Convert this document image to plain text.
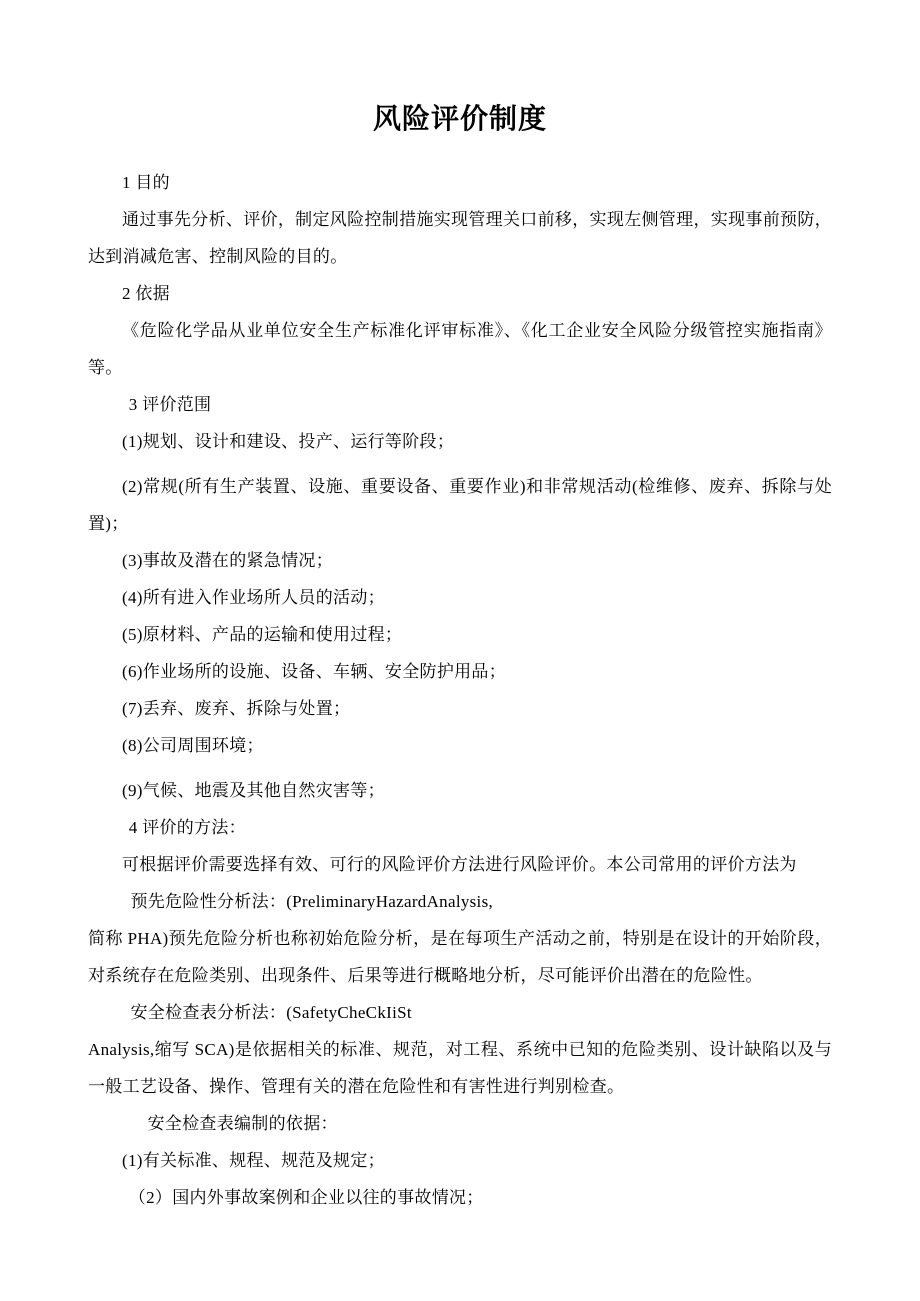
风险评价制度

1 目的

通过事先分析、评价，制定风险控制措施实现管理关口前移，实现左侧管理，实现事前预防，达到消减危害、控制风险的目的。

2 依据

《危险化学品从业单位安全生产标准化评审标准》、《化工企业安全风险分级管控实施指南》等。

3 评价范围

(1)规划、设计和建设、投产、运行等阶段；

(2)常规(所有生产装置、设施、重要设备、重要作业)和非常规活动(检维修、废弃、拆除与处置)；

(3)事故及潜在的紧急情况；

(4)所有进入作业场所人员的活动；

(5)原材料、产品的运输和使用过程；

(6)作业场所的设施、设备、车辆、安全防护用品；

(7)丢弃、废弃、拆除与处置；

(8)公司周围环境；

(9)气候、地震及其他自然灾害等；

4 评价的方法：

可根据评价需要选择有效、可行的风险评价方法进行风险评价。本公司常用的评价方法为

预先危险性分析法：(PreliminaryHazardAnalysis,

简称 PHA)预先危险分析也称初始危险分析，是在每项生产活动之前，特别是在设计的开始阶段，对系统存在危险类别、出现条件、后果等进行概略地分析，尽可能评价出潜在的危险性。

安全检查表分析法：(SafetyCheCkIiSt

Analysis,缩写 SCA)是依据相关的标准、规范，对工程、系统中已知的危险类别、设计缺陷以及与一般工艺设备、操作、管理有关的潜在危险性和有害性进行判别检查。

安全检查表编制的依据：

(1)有关标准、规程、规范及规定；

（2）国内外事故案例和企业以往的事故情况；
